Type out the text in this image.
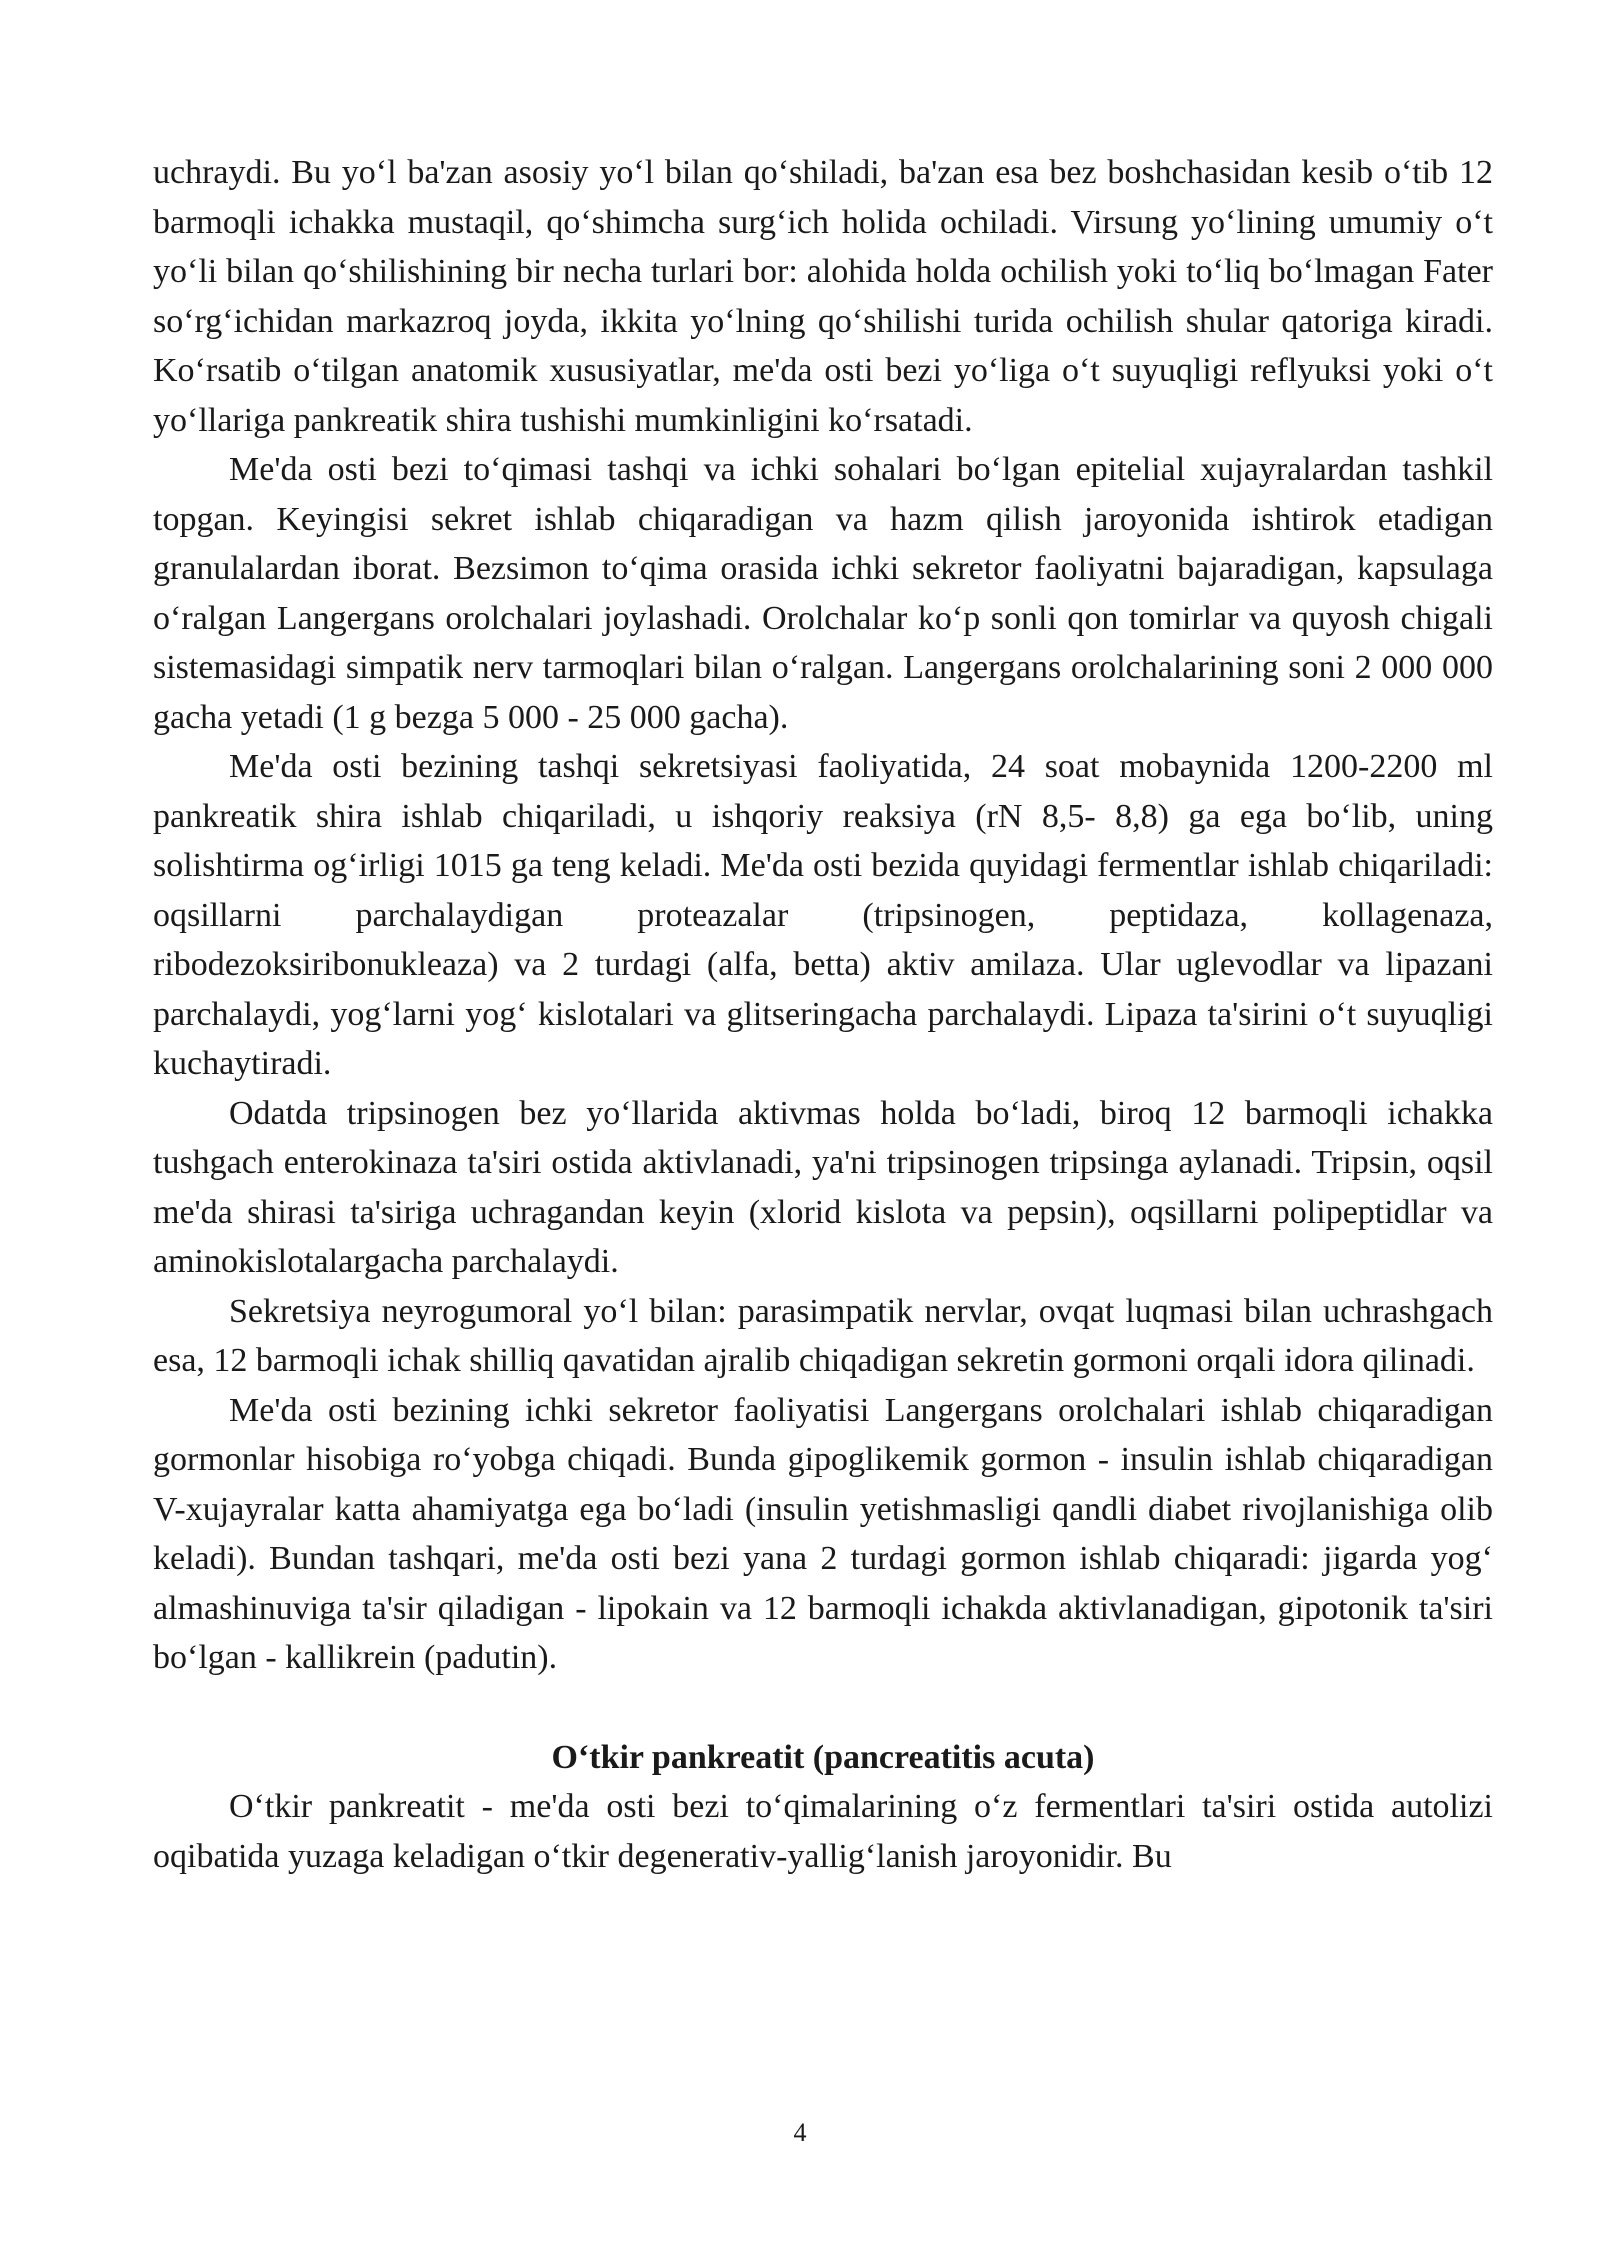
uchraydi. Bu yo‘l ba'zan asosiy yo‘l bilan qo‘shiladi, ba'zan esa bez boshchasidan kesib o‘tib 12 barmoqli ichakka mustaqil, qo‘shimcha surg‘ich holida ochiladi. Virsung yo‘lining umumiy o‘t yo‘li bilan qo‘shilishining bir necha turlari bor: alohida holda ochilish yoki to‘liq bo‘lmagan Fater so‘rg‘ichidan markazroq joyda, ikkita yo‘lning qo‘shilishi turida ochilish shular qatoriga kiradi. Ko‘rsatib o‘tilgan anatomik xususiyatlar, me'da osti bezi yo‘liga o‘t suyuqligi reflyuksi yoki o‘t yo‘llariga pankreatik shira tushishi mumkinligini ko‘rsatadi.

Me'da osti bezi to‘qimasi tashqi va ichki sohalari bo‘lgan epitelial xujayralardan tashkil topgan. Keyingisi sekret ishlab chiqaradigan va hazm qilish jaroyonida ishtirok etadigan granulalardan iborat. Bezsimon to‘qima orasida ichki sekretor faoliyatni bajaradigan, kapsulaga o‘ralgan Langergans orolchalari joylashadi. Orolchalar ko‘p sonli qon tomirlar va quyosh chigali sistemasidagi simpatik nerv tarmoqlari bilan o‘ralgan. Langergans orolchalarining soni 2 000 000 gacha yetadi (1 g bezga 5 000 - 25 000 gacha).

Me'da osti bezining tashqi sekretsiyasi faoliyatida, 24 soat mobaynida 1200-2200 ml pankreatik shira ishlab chiqariladi, u ishqoriy reaksiya (rN 8,5- 8,8) ga ega bo‘lib, uning solishtirma og‘irligi 1015 ga teng keladi. Me'da osti bezida quyidagi fermentlar ishlab chiqariladi: oqsillarni parchalaydigan proteazalar (tripsinogen, peptidaza, kollagenaza, ribodezoksiribonukleaza) va 2 turdagi (alfa, betta) aktiv amilaza. Ular uglevodlar va lipazani parchalaydi, yog‘larni yog‘ kislotalari va glitseringacha parchalaydi. Lipaza ta'sirini o‘t suyuqligi kuchaytiradi.

Odatda tripsinogen bez yo‘llarida aktivmas holda bo‘ladi, biroq 12 barmoqli ichakka tushgach enterokinaza ta'siri ostida aktivlanadi, ya'ni tripsinogen tripsinga aylanadi. Tripsin, oqsil me'da shirasi ta'siriga uchragandan keyin (xlorid kislota va pepsin), oqsillarni polipeptidlar va aminokislotalargacha parchalaydi.

Sekretsiya neyrogumoral yo‘l bilan: parasimpatik nervlar, ovqat luqmasi bilan uchrashgach esa, 12 barmoqli ichak shilliq qavatidan ajralib chiqadigan sekretin gormoni orqali idora qilinadi.

Me'da osti bezining ichki sekretor faoliyatisi Langergans orolchalari ishlab chiqaradigan gormonlar hisobiga ro‘yobga chiqadi. Bunda gipoglikemik gormon - insulin ishlab chiqaradigan V-xujayralar katta ahamiyatga ega bo‘ladi (insulin yetishmasligi qandli diabet rivojlanishiga olib keladi). Bundan tashqari, me'da osti bezi yana 2 turdagi gormon ishlab chiqaradi: jigarda yog‘ almashinuviga ta'sir qiladigan - lipokain va 12 barmoqli ichakda aktivlanadigan, gipotonik ta'siri bo‘lgan - kallikrein (padutin).

O‘tkir pankreatit (pancreatitis acuta)

O‘tkir pankreatit - me'da osti bezi to‘qimalarining o‘z fermentlari ta'siri ostida autolizi oqibatida yuzaga keladigan o‘tkir degenerativ-yallig‘lanish jaroyonidir. Bu

4
